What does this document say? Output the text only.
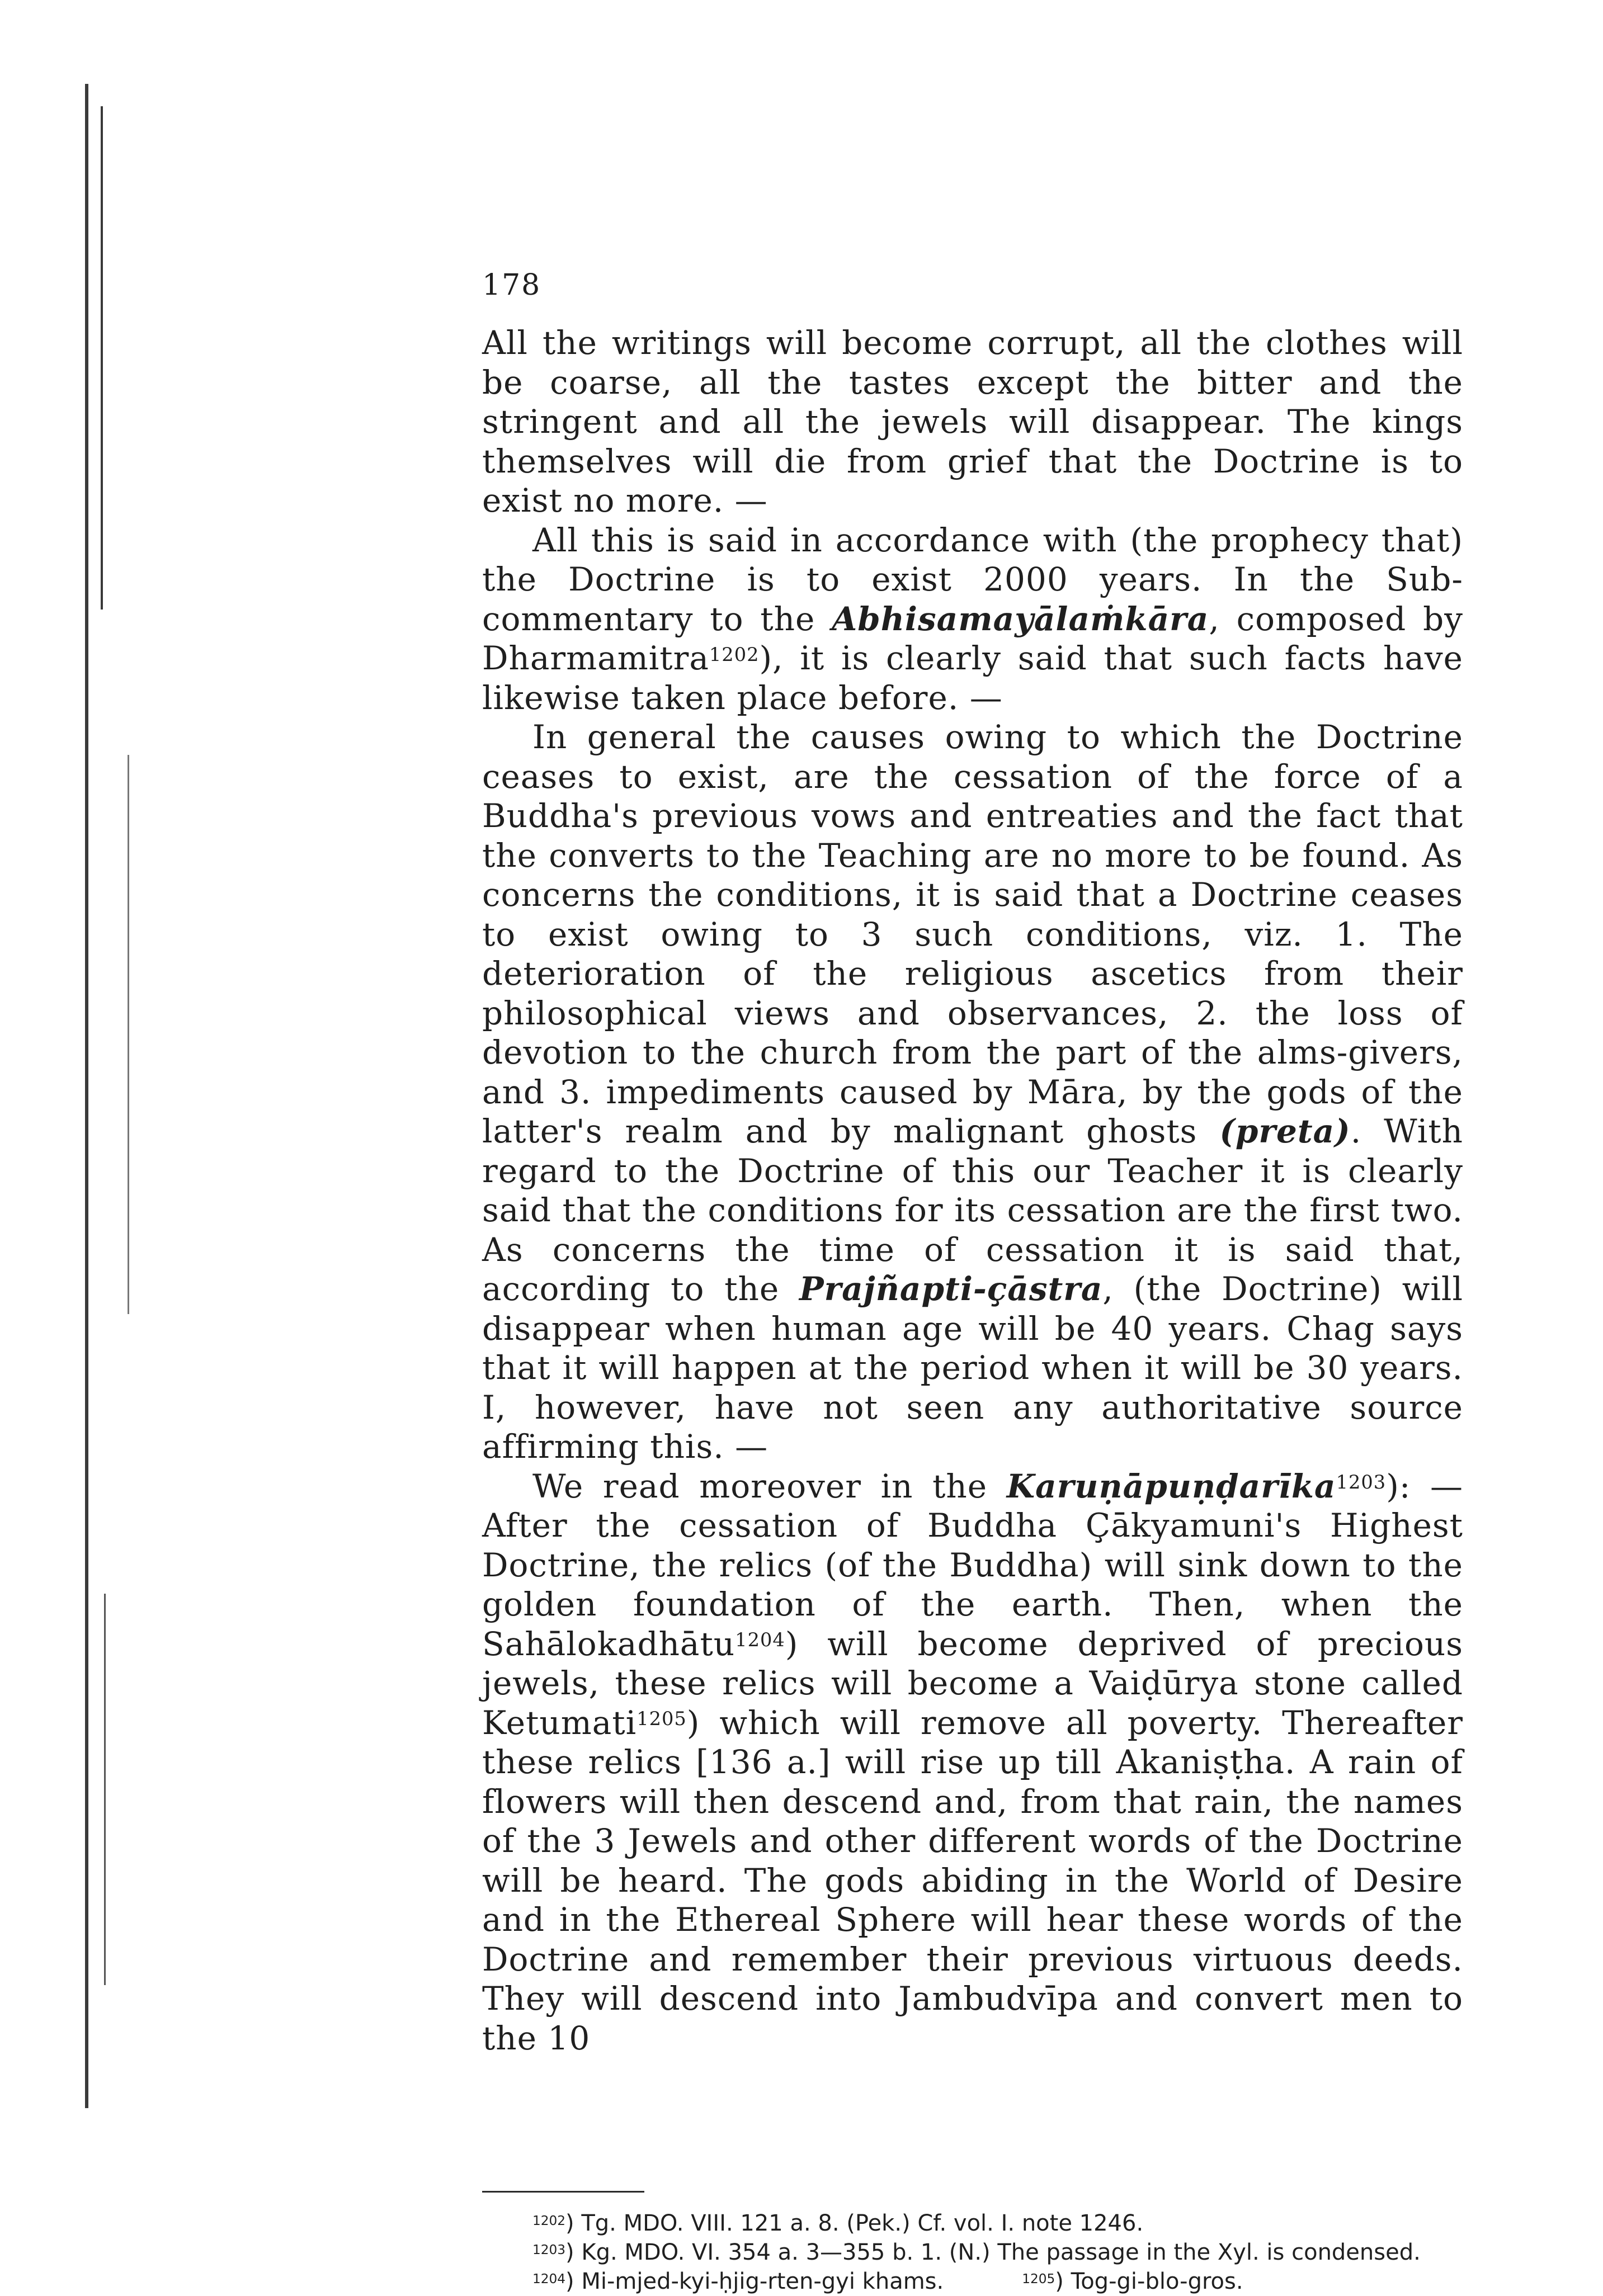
178

All the writings will become corrupt, all the clothes will be coarse, all the tastes except the bitter and the stringent and all the jewels will disappear. The kings themselves will die from grief that the Doctrine is to exist no more. —

All this is said in accordance with (the prophecy that) the Doctrine is to exist 2000 years. In the Sub-commentary to the Abhisamayālaṁkāra, composed by Dharmamitra$^{1202}$), it is clearly said that such facts have likewise taken place before. —

In general the causes owing to which the Doctrine ceases to exist, are the cessation of the force of a Buddha's previous vows and entreaties and the fact that the converts to the Teaching are no more to be found. As concerns the conditions, it is said that a Doctrine ceases to exist owing to 3 such conditions, viz. 1. The deterioration of the religious ascetics from their philosophical views and observances, 2. the loss of devotion to the church from the part of the alms-givers, and 3. impediments caused by Māra, by the gods of the latter's realm and by malignant ghosts (preta). With regard to the Doctrine of this our Teacher it is clearly said that the conditions for its cessation are the first two. As concerns the time of cessation it is said that, according to the Prajñapti-çāstra, (the Doctrine) will disappear when human age will be 40 years. Chag says that it will happen at the period when it will be 30 years. I, however, have not seen any authoritative source affirming this. —

We read moreover in the Karuṇāpuṇḍarīka$^{1203}$): — After the cessation of Buddha Çākyamuni's Highest Doctrine, the relics (of the Buddha) will sink down to the golden foundation of the earth. Then, when the Sahālokadhātu$^{1204}$) will become deprived of precious jewels, these relics will become a Vaiḍūrya stone called Ketumati$^{1205}$) which will remove all poverty. Thereafter these relics [136 a.] will rise up till Akaniṣṭha. A rain of flowers will then descend and, from that rain, the names of the 3 Jewels and other different words of the Doctrine will be heard. The gods abiding in the World of Desire and in the Ethereal Sphere will hear these words of the Doctrine and remember their previous virtuous deeds. They will descend into Jambudvīpa and convert men to the 10

$^{1202}$) Tg. MDO. VIII. 121 a. 8. (Pek.) Cf. vol. I. note 1246.

$^{1203}$) Kg. MDO. VI. 354 a. 3—355 b. 1. (N.) The passage in the Xyl. is condensed.

$^{1204}$) Mi-mjed-kyi-ḥjig-rten-gyi khams.	$^{1205}$) Tog-gi-blo-gros.
